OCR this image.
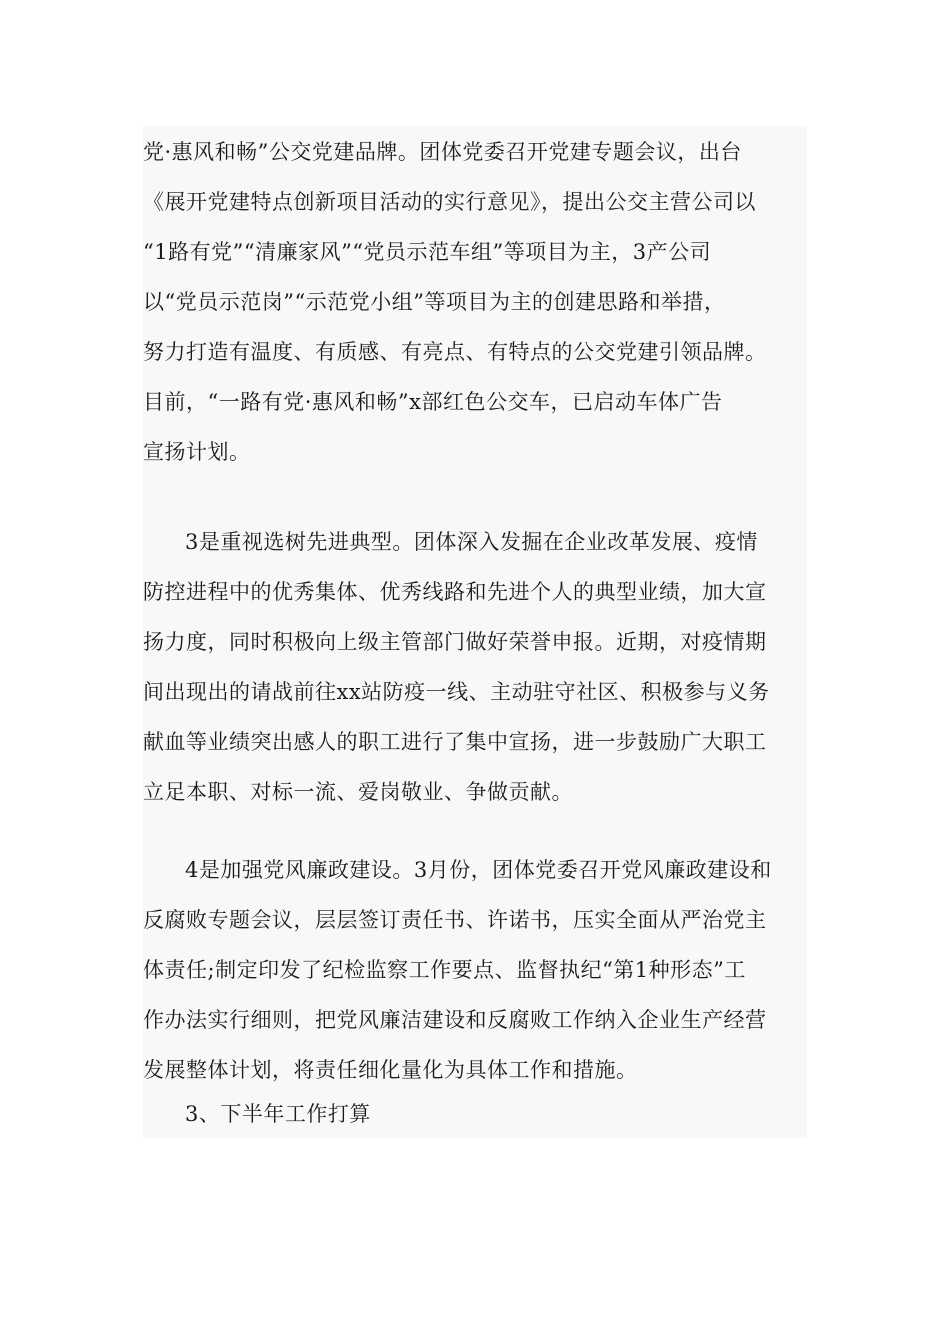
党·惠风和畅”公交党建品牌。团体党委召开党建专题会议，出台
《展开党建特点创新项目活动的实行意见》，提出公交主营公司以
“1路有党”“清廉家风”“党员示范车组”等项目为主，3产公司
以“党员示范岗”“示范党小组”等项目为主的创建思路和举措，
努力打造有温度、有质感、有亮点、有特点的公交党建引领品牌。
目前，“一路有党·惠风和畅”x部红色公交车，已启动车体广告
宣扬计划。
3是重视选树先进典型。团体深入发掘在企业改革发展、疫情
防控进程中的优秀集体、优秀线路和先进个人的典型业绩，加大宣
扬力度，同时积极向上级主管部门做好荣誉申报。近期，对疫情期
间出现出的请战前往xx站防疫一线、主动驻守社区、积极参与义务
献血等业绩突出感人的职工进行了集中宣扬，进一步鼓励广大职工
立足本职、对标一流、爱岗敬业、争做贡献。
4是加强党风廉政建设。3月份，团体党委召开党风廉政建设和
反腐败专题会议，层层签订责任书、许诺书，压实全面从严治党主
体责任;制定印发了纪检监察工作要点、监督执纪“第1种形态”工
作办法实行细则，把党风廉洁建设和反腐败工作纳入企业生产经营
发展整体计划，将责任细化量化为具体工作和措施。
3、下半年工作打算
